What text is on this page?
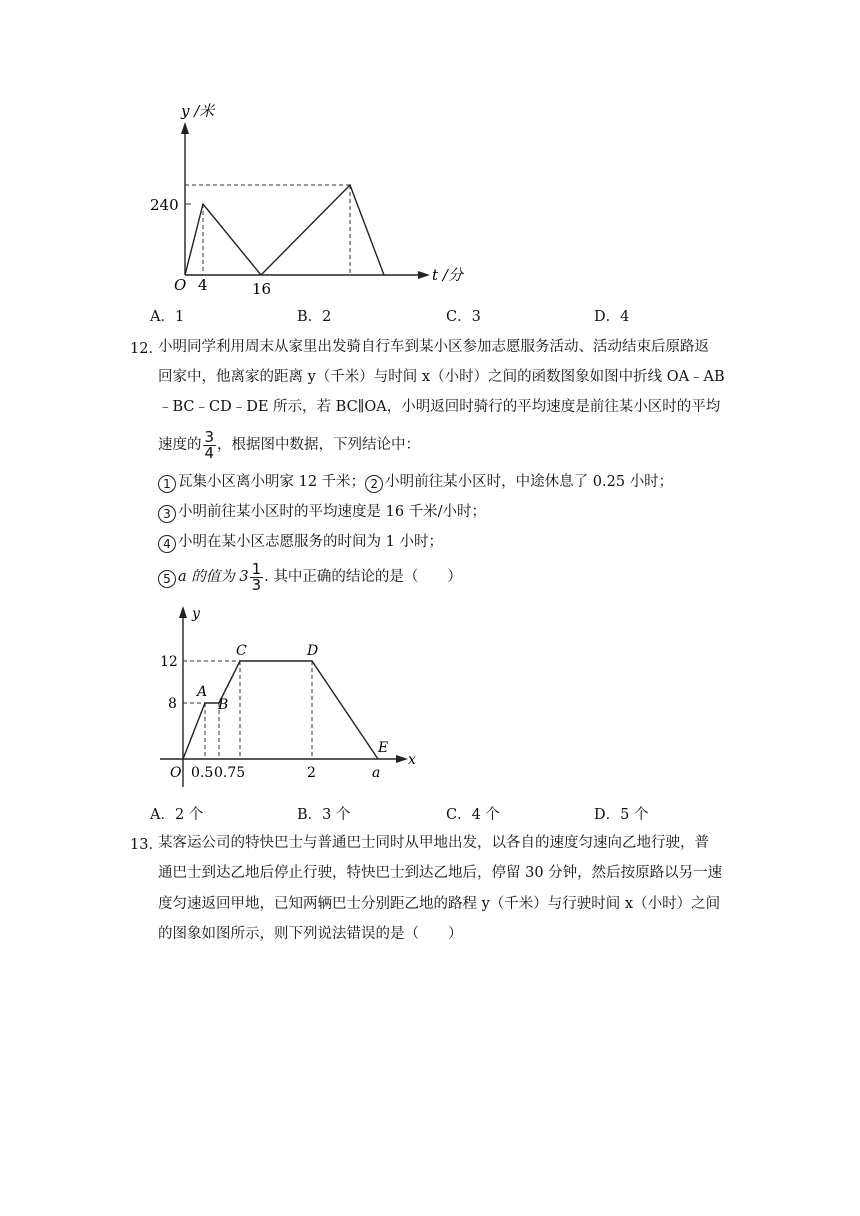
y /米
t /分
O
240
4	16
A．1	B．2	C．3	D．4
12．
小明同学利用周末从家里出发骑自行车到某小区参加志愿服务活动、活动结束后原路返
回家中，他离家的距离 y（千米）与时间 x（小时）之间的函数图象如图中折线 OA﹣AB
﹣BC﹣CD﹣DE 所示，若 BC∥OA，小明返回时骑行的平均速度是前往某小区时的平均
速度的 $\frac{3}{4}$ ，根据图中数据，下列结论中：
1 瓦集小区离小明家 12 千米； 2 小明前往某小区时，中途休息了 0.25 小时；
3 小明前往某小区时的平均速度是 16 千米/小时；
4 小明在某小区志愿服务的时间为 1 小时；
5 a 的值为 $3 \frac{1}{3}$ . 其中正确的结论的是（　　）
y
x
O
12
8
0.5 0.75	2	a
A
B
C	D
E
A．2 个	B．3 个	C．4 个	D．5 个
13．
某客运公司的特快巴士与普通巴士同时从甲地出发，以各自的速度匀速向乙地行驶，普
通巴士到达乙地后停止行驶，特快巴士到达乙地后，停留 30 分钟，然后按原路以另一速
度匀速返回甲地，已知两辆巴士分别距乙地的路程 y（千米）与行驶时间 x（小时）之间
的图象如图所示，则下列说法错误的是（　　）
